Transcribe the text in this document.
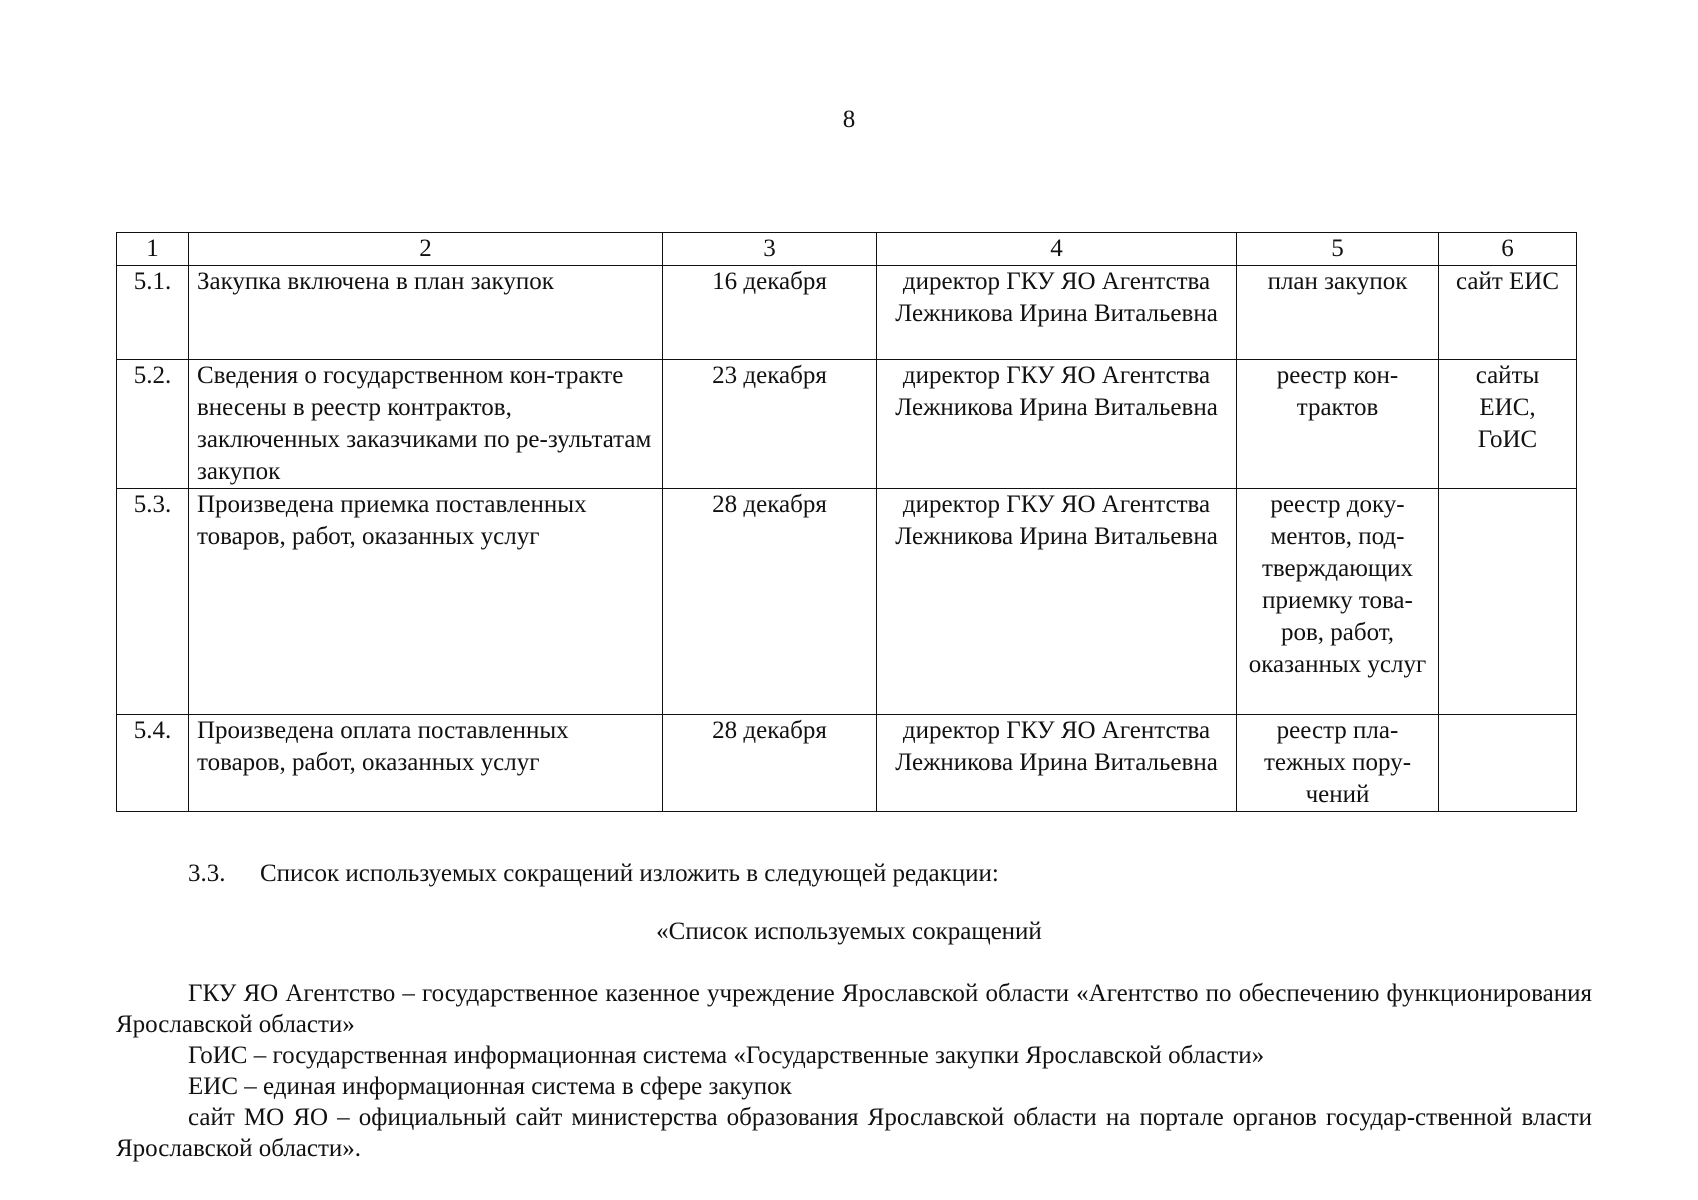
8
1	2	3	4	5	6
5.1.	Закупка включена в план закупок	16 декабря	директор ГКУ ЯО Агентства Лежникова Ирина Витальевна	план закупок	сайт ЕИС
5.2.	Сведения о государственном кон-тракте внесены в реестр контрактов, заключенных заказчиками по ре-зультатам закупок	23 декабря	директор ГКУ ЯО Агентства Лежникова Ирина Витальевна	реестр кон-трактов	сайты ЕИС, ГоИС
5.3.	Произведена приемка поставленных товаров, работ, оказанных услуг	28 декабря	директор ГКУ ЯО Агентства Лежникова Ирина Витальевна	реестр доку-ментов, под-тверждающих приемку това-ров, работ, оказанных услуг	
5.4.	Произведена оплата поставленных товаров, работ, оказанных услуг	28 декабря	директор ГКУ ЯО Агентства Лежникова Ирина Витальевна	реестр пла-тежных пору-чений	
3.3. Список используемых сокращений изложить в следующей редакции:
«Список используемых сокращений

ГКУ ЯО Агентство – государственное казенное учреждение Ярославской области «Агентство по обеспечению функционирования Ярославской области»

ГоИС – государственная информационная система «Государственные закупки Ярославской области»

ЕИС – единая информационная система в сфере закупок

сайт МО ЯО – официальный сайт министерства образования Ярославской области на портале органов государ-ственной власти Ярославской области».
